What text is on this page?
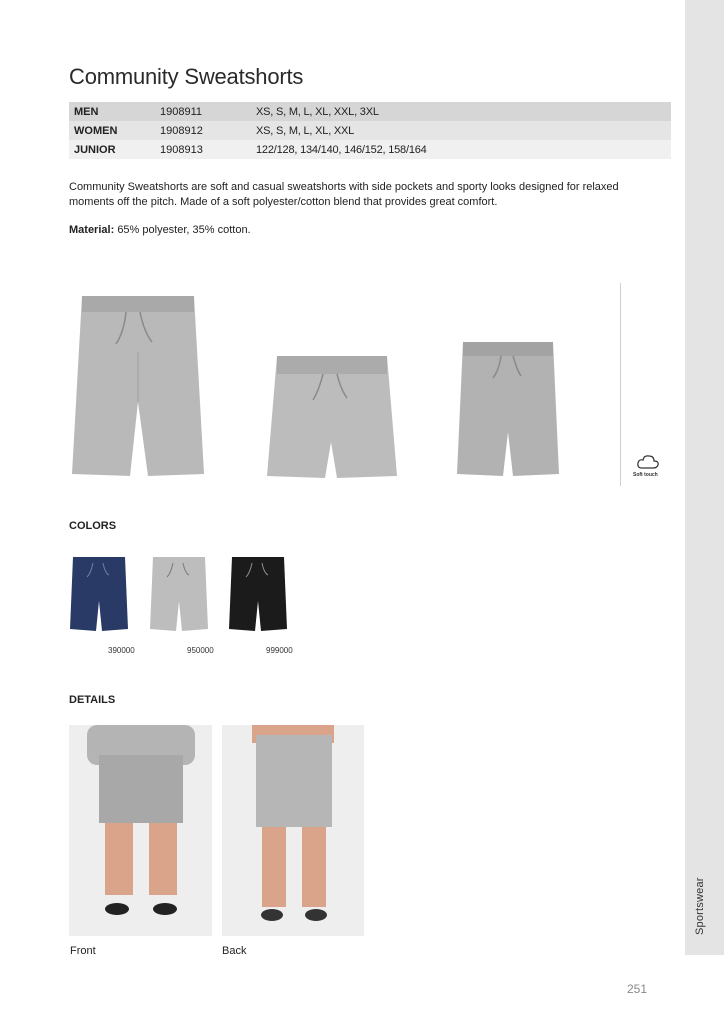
Sportswear
Community Sweatshorts
MEN	1908911	XS, S, M, L, XL, XXL, 3XL
WOMEN	1908912	XS, S, M, L, XL, XXL
JUNIOR	1908913	122/128, 134/140, 146/152, 158/164

Community Sweatshorts are soft and casual sweatshorts with side pockets and sporty looks designed for relaxed moments off the pitch. Made of a soft polyester/cotton blend that provides great comfort.

Material: 65% polyester, 35% cotton.

Soft touch
COLORS
390000	950000	999000
DETAILS
Front	Back
251
